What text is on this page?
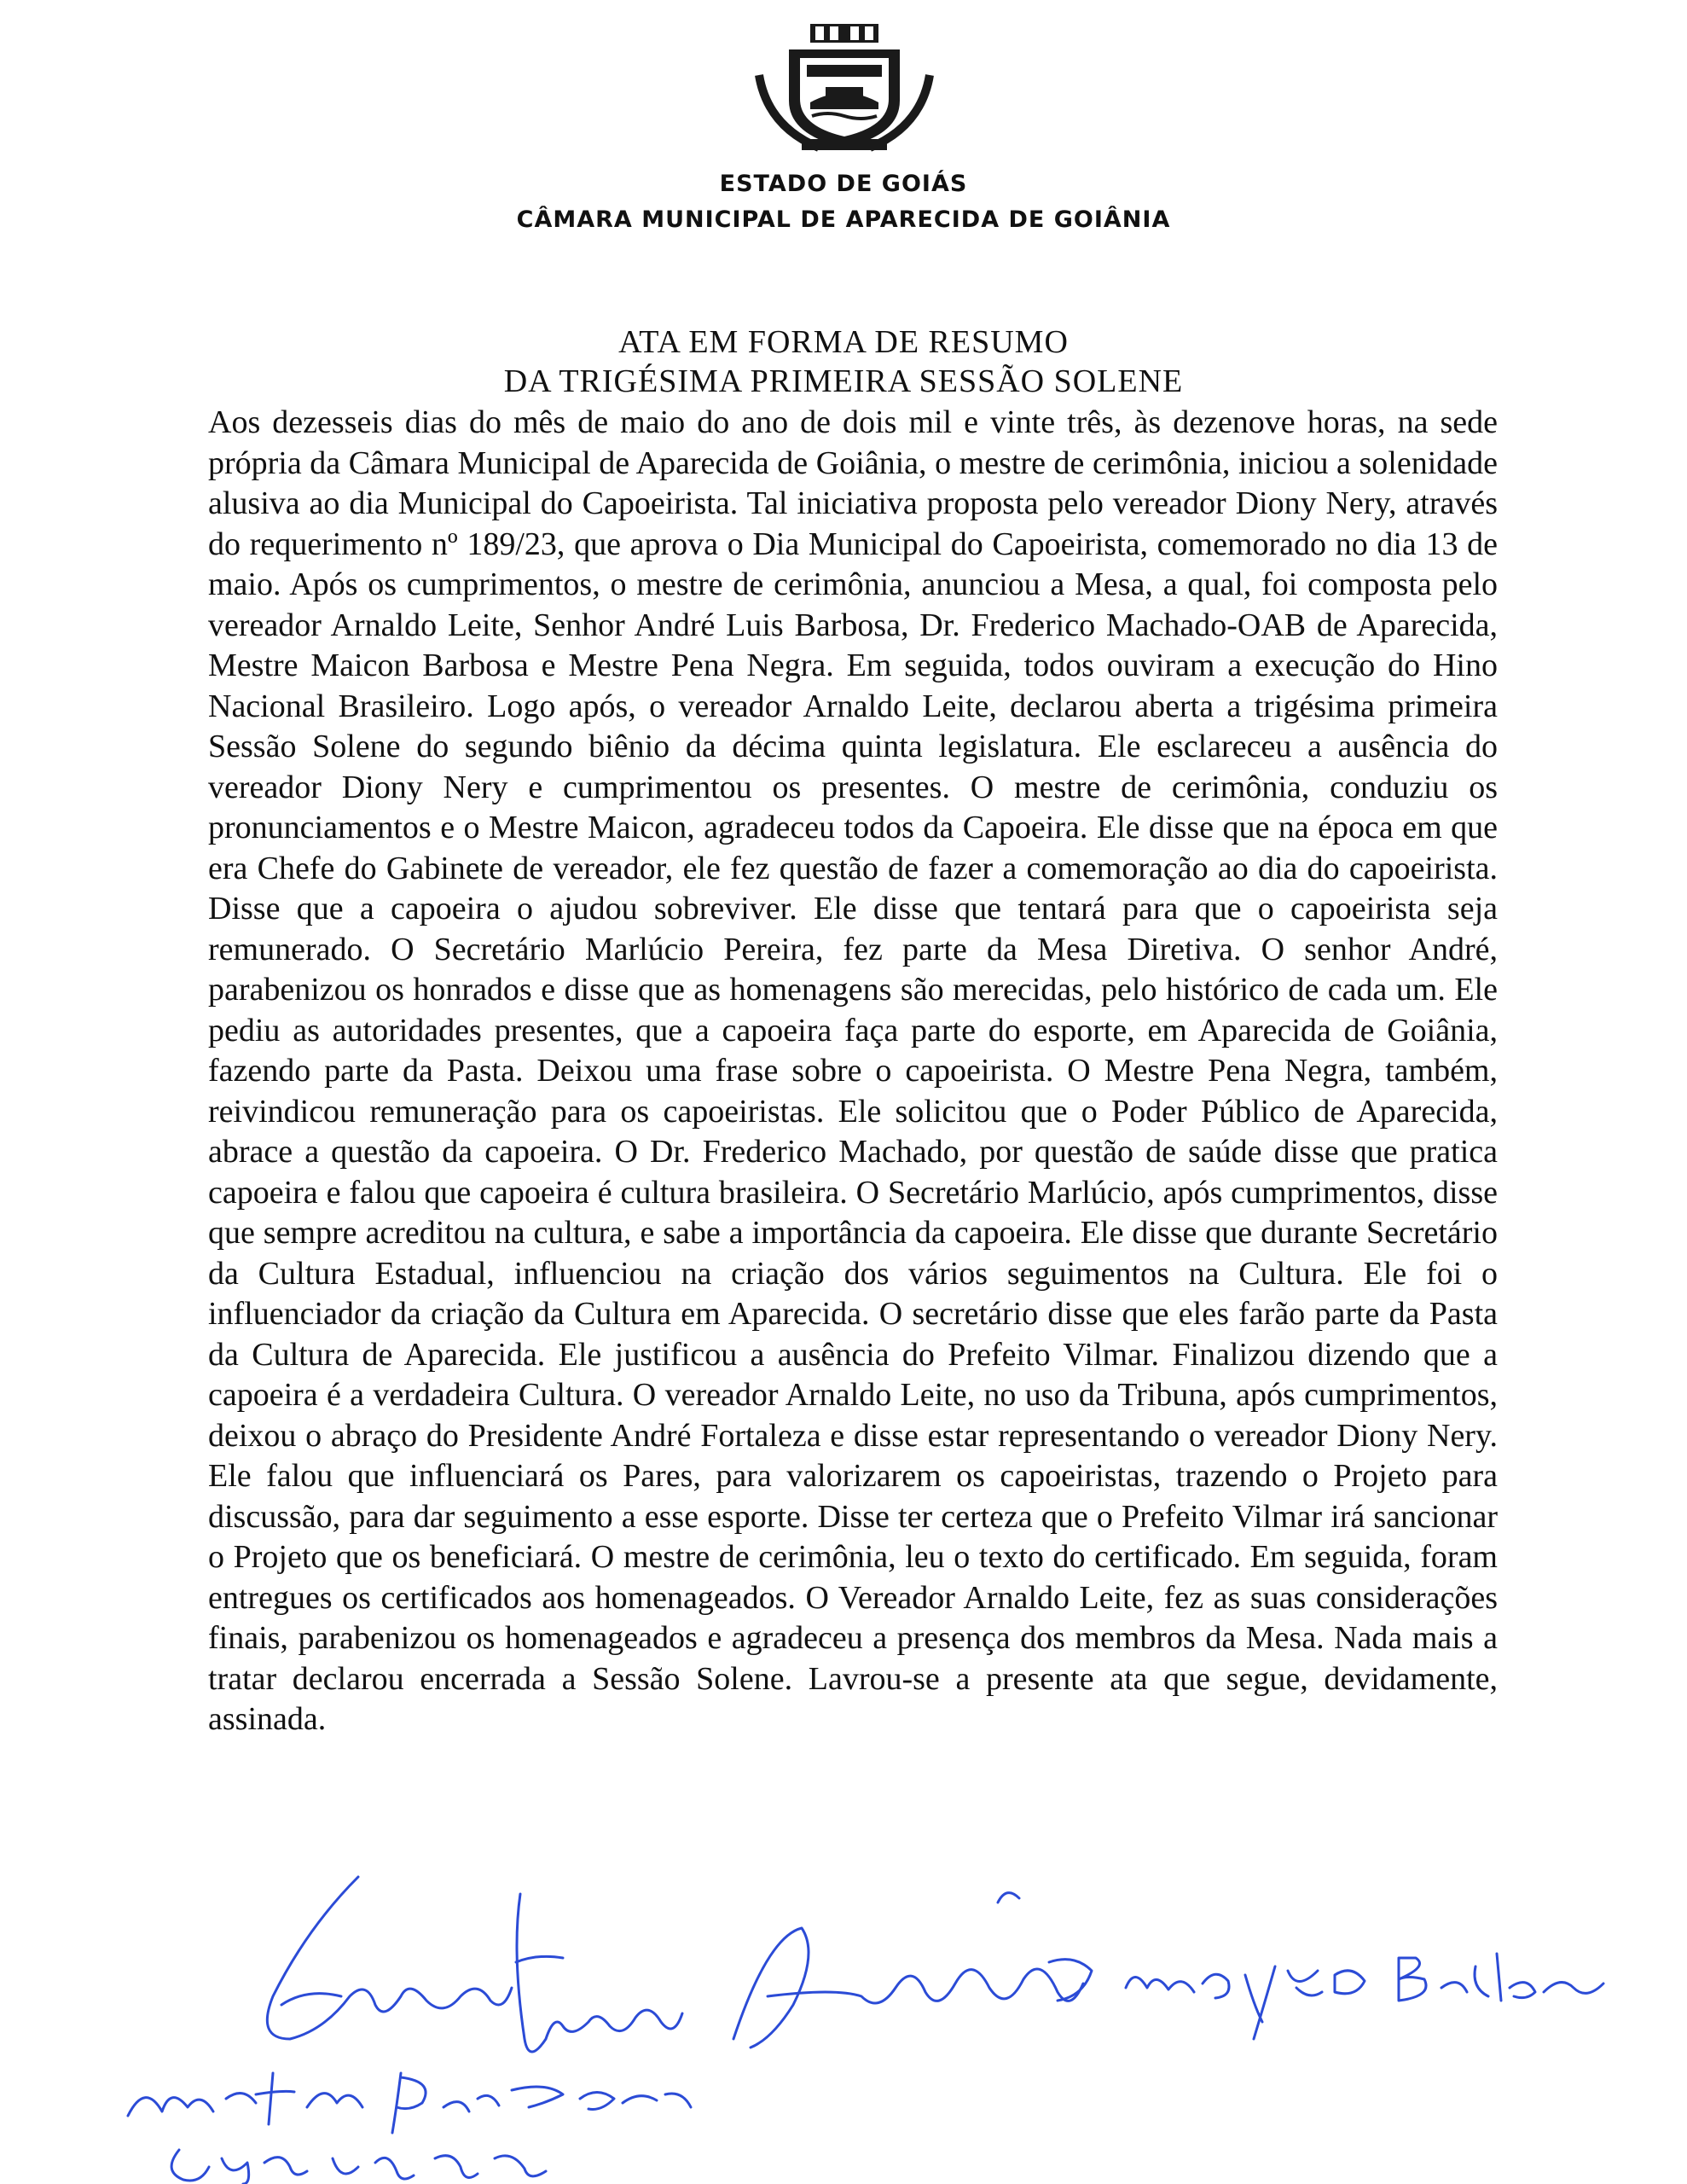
ESTADO DE GOIÁS
CÂMARA MUNICIPAL DE APARECIDA DE GOIÂNIA
ATA EM FORMA DE RESUMO
DA TRIGÉSIMA PRIMEIRA SESSÃO SOLENE
Aos dezesseis dias do mês de maio do ano de dois mil e vinte três, às dezenove horas, na sede própria da Câmara Municipal de Aparecida de Goiânia, o mestre de cerimônia, iniciou a solenidade alusiva ao dia Municipal do Capoeirista. Tal iniciativa proposta pelo vereador Diony Nery, através do requerimento nº 189/23, que aprova o Dia Municipal do Capoeirista, comemorado no dia 13 de maio. Após os cumprimentos, o mestre de cerimônia, anunciou a Mesa, a qual, foi composta pelo vereador Arnaldo Leite, Senhor André Luis Barbosa, Dr. Frederico Machado-OAB de Aparecida, Mestre Maicon Barbosa e Mestre Pena Negra. Em seguida, todos ouviram a execução do Hino Nacional Brasileiro. Logo após, o vereador Arnaldo Leite, declarou aberta a trigésima primeira Sessão Solene do segundo biênio da décima quinta legislatura. Ele esclareceu a ausência do vereador Diony Nery e cumprimentou os presentes. O mestre de cerimônia, conduziu os pronunciamentos e o Mestre Maicon, agradeceu todos da Capoeira. Ele disse que na época em que era Chefe do Gabinete de vereador, ele fez questão de fazer a comemoração ao dia do capoeirista. Disse que a capoeira o ajudou sobreviver. Ele disse que tentará para que o capoeirista seja remunerado. O Secretário Marlúcio Pereira, fez parte da Mesa Diretiva. O senhor André, parabenizou os honrados e disse que as homenagens são merecidas, pelo histórico de cada um. Ele pediu as autoridades presentes, que a capoeira faça parte do esporte, em Aparecida de Goiânia, fazendo parte da Pasta. Deixou uma frase sobre o capoeirista. O Mestre Pena Negra, também, reivindicou remuneração para os capoeiristas. Ele solicitou que o Poder Público de Aparecida, abrace a questão da capoeira. O Dr. Frederico Machado, por questão de saúde disse que pratica capoeira e falou que capoeira é cultura brasileira. O Secretário Marlúcio, após cumprimentos, disse que sempre acreditou na cultura, e sabe a importância da capoeira. Ele disse que durante Secretário da Cultura Estadual, influenciou na criação dos vários seguimentos na Cultura. Ele foi o influenciador da criação da Cultura em Aparecida. O secretário disse que eles farão parte da Pasta da Cultura de Aparecida. Ele justificou a ausência do Prefeito Vilmar. Finalizou dizendo que a capoeira é a verdadeira Cultura. O vereador Arnaldo Leite, no uso da Tribuna, após cumprimentos, deixou o abraço do Presidente André Fortaleza e disse estar representando o vereador Diony Nery. Ele falou que influenciará os Pares, para valorizarem os capoeiristas, trazendo o Projeto para discussão, para dar seguimento a esse esporte. Disse ter certeza que o Prefeito Vilmar irá sancionar o Projeto que os beneficiará. O mestre de cerimônia, leu o texto do certificado. Em seguida, foram entregues os certificados aos homenageados. O Vereador Arnaldo Leite, fez as suas considerações finais, parabenizou os homenageados e agradeceu a presença dos membros da Mesa. Nada mais a tratar declarou encerrada a Sessão Solene. Lavrou-se a presente ata que segue, devidamente, assinada.
